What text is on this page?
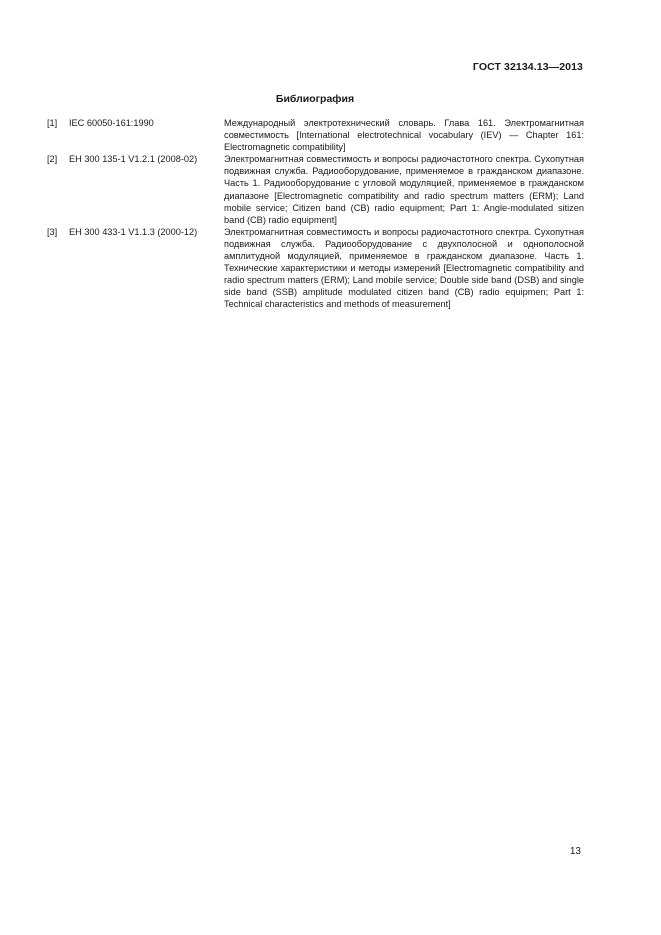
ГОСТ 32134.13—2013
Библиография
[1]	IEC 60050-161:1990	Международный электротехнический словарь. Глава 161. Электромагнитная совместимость [International electrotechnical vocabulary (IEV) — Chapter 161: Electromagnetic compatibility]
[2]	ЕН 300 135-1 V1.2.1 (2008-02)	Электромагнитная совместимость и вопросы радиочастотного спектра. Сухопутная подвижная служба. Радиооборудование, применяемое в гражданском диапазоне. Часть 1. Радиооборудование с угловой модуляцией, применяемое в гражданском диапазоне [Electromagnetic compatibility and radio spectrum matters (ERM); Land mobile service; Citizen band (CB) radio equipment; Part 1: Angle-modulated sitizen band (CB) radio equipment]
[3]	ЕН 300 433-1 V1.1.3 (2000-12)	Электромагнитная совместимость и вопросы радиочастотного спектра. Сухопутная подвижная служба. Радиооборудование с двухполосной и однополосной амплитудной модуляцией, применяемое в гражданском диапазоне. Часть 1. Технические характеристики и методы измерений [Electromagnetic compatibility and radio spectrum matters (ERM); Land mobile service; Double side band (DSB) and single side band (SSB) amplitude modulated citizen band (CB) radio equipmen; Part 1: Technical characteristics and methods of measurement]
13
